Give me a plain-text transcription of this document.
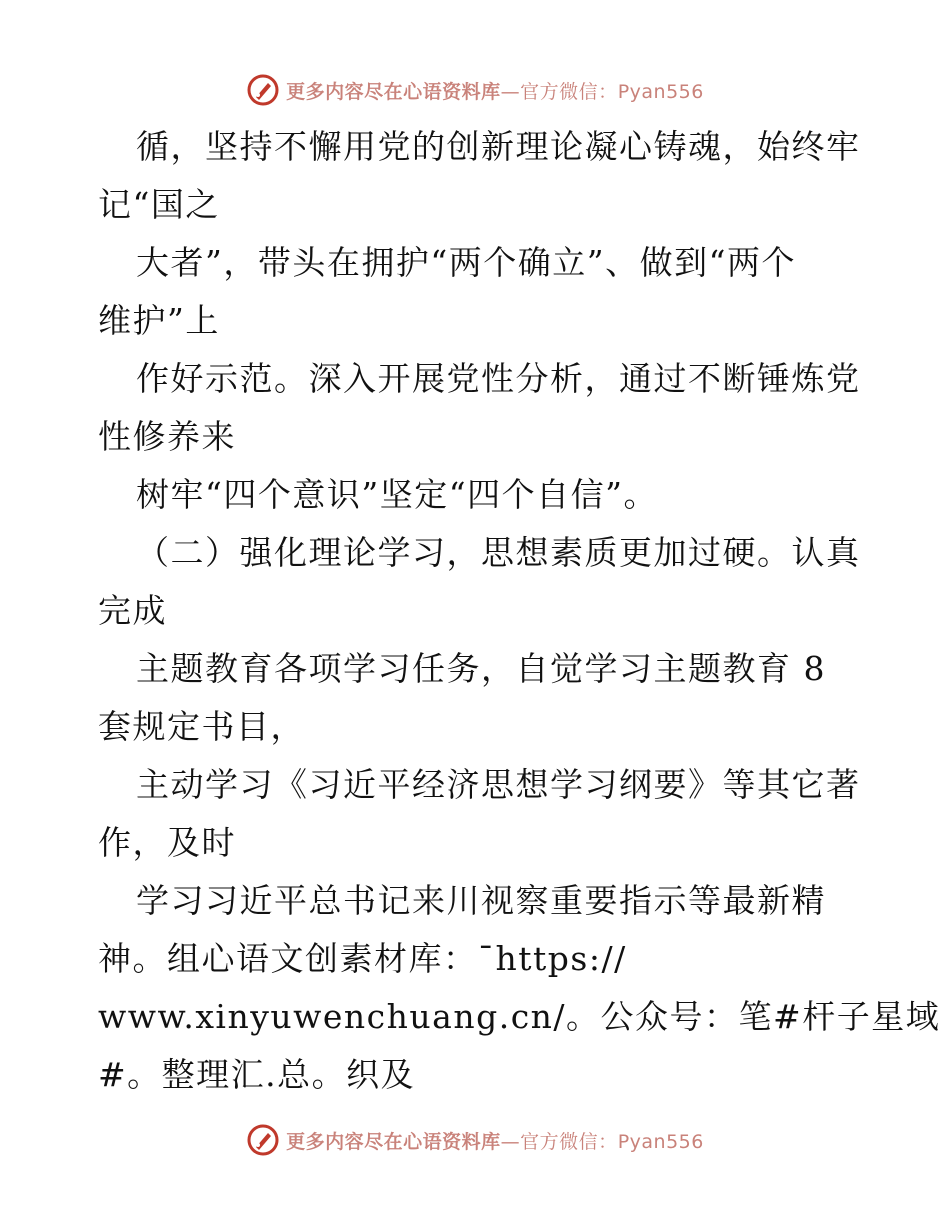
更多内容尽在心语资料库—官方微信：Pyan556
循，坚持不懈用党的创新理论凝心铸魂，始终牢
记“国之
大者”，带头在拥护“两个确立”、做到“两个
维护”上
作好示范。深入开展党性分析，通过不断锤炼党
性修养来
树牢“四个意识”坚定“四个自信”。
（二）强化理论学习，思想素质更加过硬。认真
完成
主题教育各项学习任务，自觉学习主题教育 8
套规定书目，
主动学习《习近平经济思想学习纲要》等其它著
作，及时
学习习近平总书记来川视察重要指示等最新精
神。组心语文创素材库：¯https://
www.xinyuwenchuang.cn/。公众号：笔#杆子星域
#。整理汇.总。织及
更多内容尽在心语资料库—官方微信：Pyan556
